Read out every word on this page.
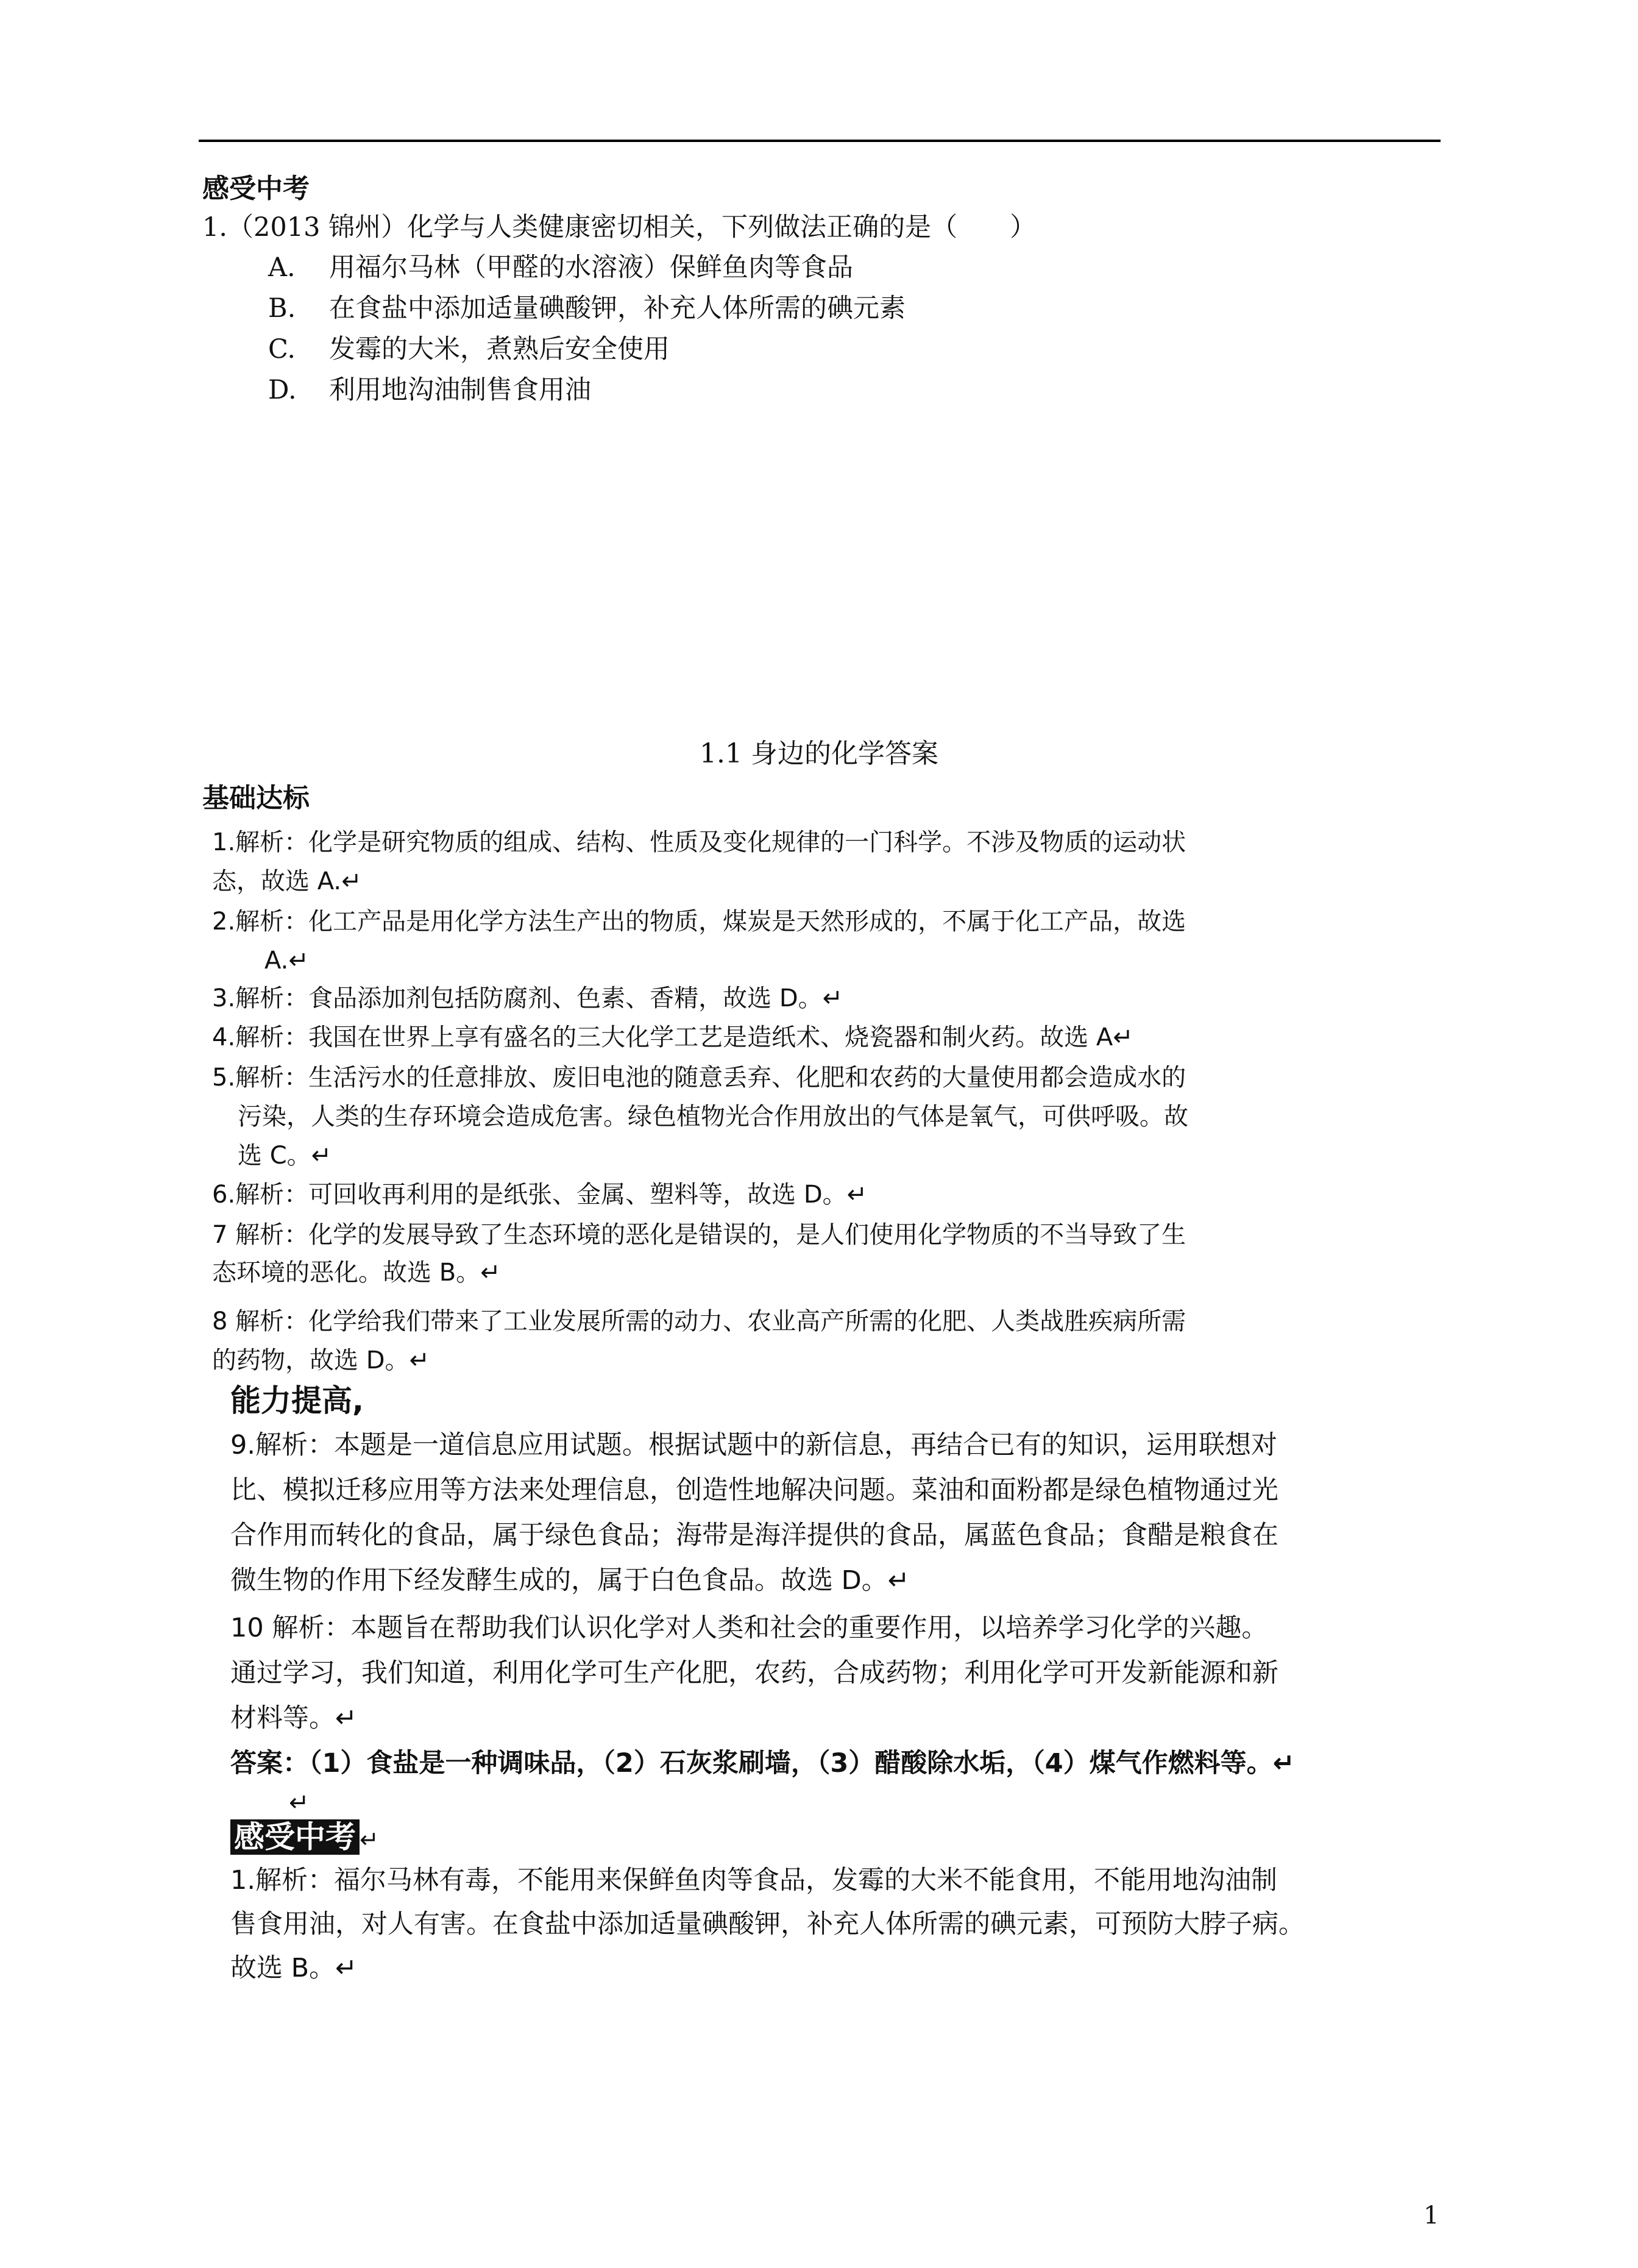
感受中考
1.（2013 锦州）化学与人类健康密切相关，下列做法正确的是（　　）
A. 用福尔马林（甲醛的水溶液）保鲜鱼肉等食品
B. 在食盐中添加适量碘酸钾，补充人体所需的碘元素
C. 发霉的大米，煮熟后安全使用
D. 利用地沟油制售食用油
1.1 身边的化学答案
基础达标
1.解析：化学是研究物质的组成、结构、性质及变化规律的一门科学。不涉及物质的运动状
态，故选 A.↵
2.解析：化工产品是用化学方法生产出的物质，煤炭是天然形成的，不属于化工产品，故选
A.↵
3.解析：食品添加剂包括防腐剂、色素、香精，故选 D。↵
4.解析：我国在世界上享有盛名的三大化学工艺是造纸术、烧瓷器和制火药。故选 A↵
5.解析：生活污水的任意排放、废旧电池的随意丢弃、化肥和农药的大量使用都会造成水的
污染，人类的生存环境会造成危害。绿色植物光合作用放出的气体是氧气，可供呼吸。故
选 C。↵
6.解析：可回收再利用的是纸张、金属、塑料等，故选 D。↵
7 解析：化学的发展导致了生态环境的恶化是错误的，是人们使用化学物质的不当导致了生
态环境的恶化。故选 B。↵
8 解析：化学给我们带来了工业发展所需的动力、农业高产所需的化肥、人类战胜疾病所需
的药物，故选 D。↵
能力提高,
9.解析：本题是一道信息应用试题。根据试题中的新信息，再结合已有的知识，运用联想对
比、模拟迁移应用等方法来处理信息，创造性地解决问题。菜油和面粉都是绿色植物通过光
合作用而转化的食品，属于绿色食品；海带是海洋提供的食品，属蓝色食品；食醋是粮食在
微生物的作用下经发酵生成的，属于白色食品。故选 D。↵
10 解析：本题旨在帮助我们认识化学对人类和社会的重要作用，以培养学习化学的兴趣。
通过学习，我们知道，利用化学可生产化肥，农药，合成药物；利用化学可开发新能源和新
材料等。↵
答案：（1）食盐是一种调味品，（2）石灰浆刷墙，（3）醋酸除水垢，（4）煤气作燃料等。↵
↵
感受中考 ↵
1.解析：福尔马林有毒，不能用来保鲜鱼肉等食品，发霉的大米不能食用，不能用地沟油制
售食用油，对人有害。在食盐中添加适量碘酸钾，补充人体所需的碘元素，可预防大脖子病。
故选 B。↵
1
